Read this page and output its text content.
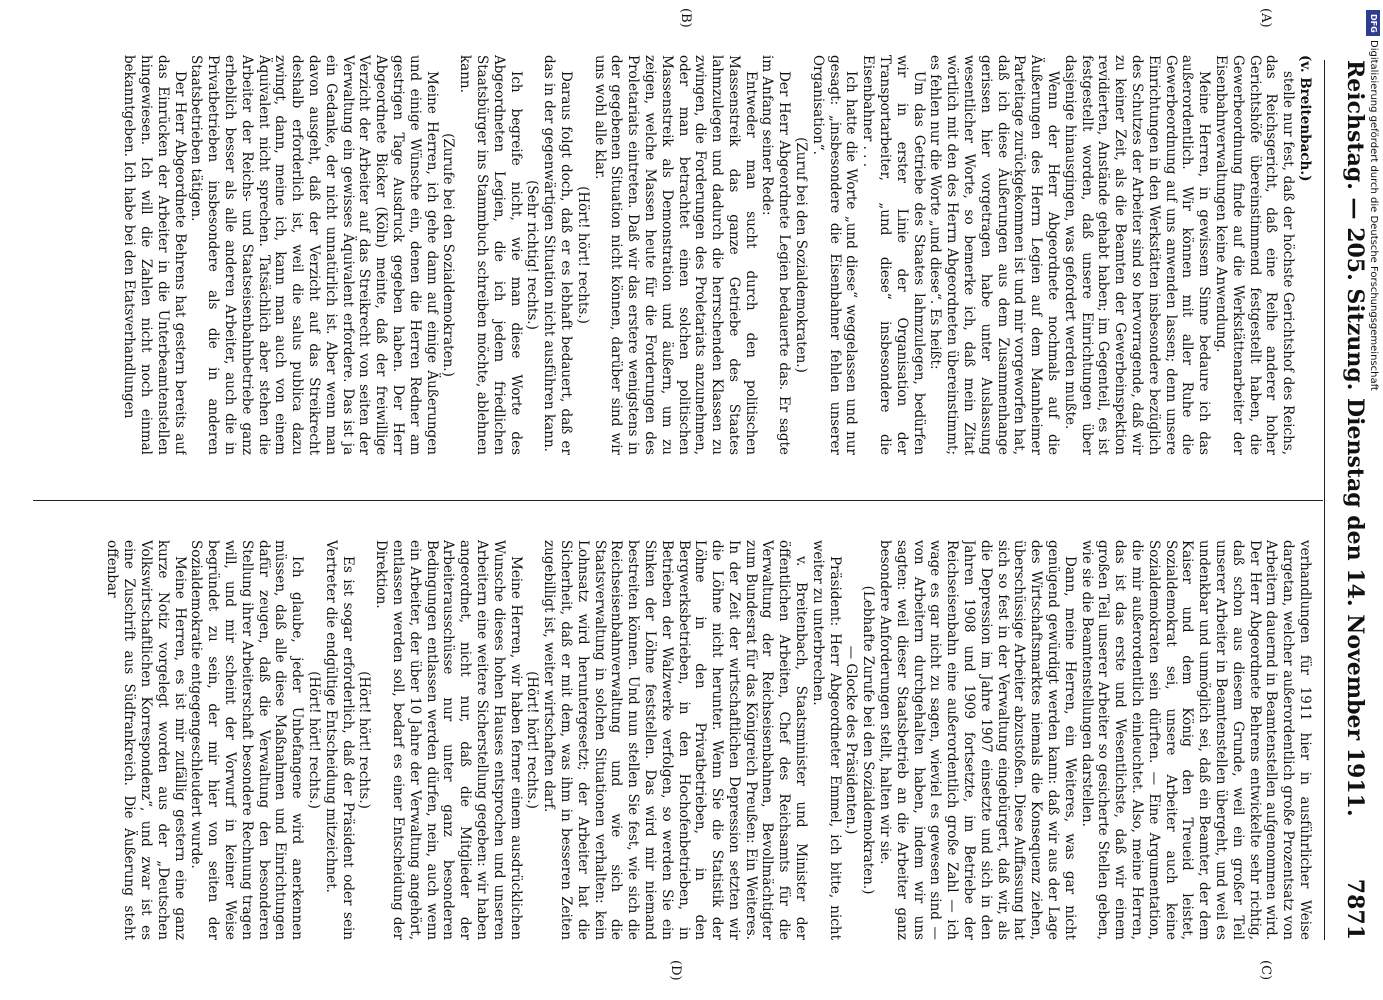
Reichstag. — 205. Sitzung. Dienstag den 14. November 1911.
7871
(A)
(B)
(C)
(D)

(v. Breitenbach.)

stelle nur fest, daß der höchste Gerichtshof des Reichs, das Reichsgericht, daß eine Reihe anderer hoher Gerichtshöfe übereinstimmend festgestellt haben, die Gewerbeordnung finde auf die Werkstättenarbeiter der Eisenbahnverwaltungen keine Anwendung.

Meine Herren, in gewissem Sinne bedaure ich das außerordentlich. Wir können mit aller Ruhe die Gewerbeordnung auf uns anwenden lassen; denn unsere Einrichtungen in den Werkstätten insbesondere bezüglich des Schutzes der Arbeiter sind so hervorragende, daß wir zu keiner Zeit, als die Beamten der Gewerbeinspektion revidierten, Anstände gehabt haben; im Gegenteil, es ist festgestellt worden, daß unsere Einrichtungen über dasjenige hinausgingen, was gefordert werden mußte.

Wenn der Herr Abgeordnete nochmals auf die Äußerungen des Herrn Legien auf dem Mannheimer Parteitage zurückgekommen ist und mir vorgeworfen hat, daß ich diese Äußerungen aus dem Zusammenhange gerissen hier vorgetragen habe unter Auslassung wesentlicher Worte, so bemerke ich, daß mein Zitat wörtlich mit den des Herrn Abgeordneten übereinstimmt; es fehlen nur die Worte „und diese“. Es heißt:

Um das Getriebe des Staates lahmzulegen, bedürfen wir in erster Linie der Organisation der Transportarbeiter, „und diese“ insbesondere die Eisenbahner . . .

Ich hatte die Worte „und diese“ weggelassen und nur gesagt: „insbesondere die Eisenbahner fehlen unserer Organisation“.

(Zuruf bei den Sozialdemokraten.)

Der Herr Abgeordnete Legien bedauerte das. Er sagte im Anfang seiner Rede:

Entweder man sucht durch den politischen Massenstreik das ganze Getriebe des Staates lahmzulegen und dadurch die herrschenden Klassen zu zwingen, die Forderungen des Proletariats anzunehmen, oder man betrachtet einen solchen politischen Massenstreik als Demonstration und äußern, um zu zeigen, welche Massen heute für die Forderungen des Proletariats eintreten. Daß wir das erstere wenigstens in der gegebenen Situation nicht können, darüber sind wir uns wohl alle klar.

(Hört! hört! rechts.)

Daraus folgt doch, daß er es lebhaft bedauert, daß er das in der gegenwärtigen Situation nicht ausführen kann.

(Sehr richtig! rechts.)

Ich begreife nicht, wie man diese Worte des Abgeordneten Legien, die ich jedem friedlichen Staatsbürger ins Stammbuch schreiben möchte, ablehnen kann.

(Zurufe bei den Sozialdemokraten.)

Meine Herren, ich gehe dann auf einige Äußerungen und einige Wünsche ein, denen die Herren Redner am gestrigen Tage Ausdruck gegeben haben. Der Herr Abgeordnete Bicker (Köln) meinte, daß der freiwillige Verzicht der Arbeiter auf das Streikrecht von seiten der Verwaltung ein gewisses Äquivalent erfordere. Das ist ja ein Gedanke, der nicht unnatürlich ist. Aber wenn man davon ausgeht, daß der Verzicht auf das Streikrecht deshalb erforderlich ist, weil die salus publica dazu zwingt, dann, meine ich, kann man auch von einem Äquivalent nicht sprechen. Tatsächlich aber stehen die Arbeiter der Reichs- und Staatseisenbahnbetriebe ganz erheblich besser als alle anderen Arbeiter, auch die in Privatbetrieben insbesondere als die in anderen Staatsbetrieben tätigen.

Der Herr Abgeordnete Behrens hat gestern bereits auf das Einrücken der Arbeiter in die Unterbeamtenstellen hingewiesen. Ich will die Zahlen nicht noch einmal bekanntgeben. Ich habe bei den Etatsverhandlungen

verhandlungen für 1911 hier in ausführlicher Weise dargetan, welcher außerordentlich große Prozentsatz von Arbeitern dauernd in Beamtenstellen aufgenommen wird. Der Herr Abgeordnete Behrens entwickelte sehr richtig, daß schon aus diesem Grunde, weil ein großer Teil unserer Arbeiter in Beamtenstellen übergeht, und weil es undenkbar und unmöglich sei, daß ein Beamter, der dem Kaiser und dem König den Treueid leistet, Sozialdemokrat sei, unsere Arbeiter auch keine Sozialdemokraten sein dürften. — Eine Argumentation, die mir außerordentlich einleuchtet. Also, meine Herren, das ist das erste und Wesentlichste, daß wir einem großen Teil unserer Arbeiter so gesicherte Stellen geben, wie sie die Beamtenstellungen darstellen.

Dann, meine Herren, ein Weiteres, was gar nicht genügend gewürdigt werden kann: daß wir aus der Lage des Wirtschaftsmarktes niemals die Konsequenz ziehen, überschüssige Arbeiter abzustoßen. Diese Auffassung hat sich so fest in der Verwaltung eingebürgert, daß wir, als die Depression im Jahre 1907 einsetzte und sich in den Jahren 1908 und 1909 fortsetzte, im Betriebe der Reichseisenbahn eine außerordentlich große Zahl — ich wage es gar nicht zu sagen, wieviel es gewesen sind — von Arbeitern durchgehalten haben, indem wir uns sagten: weil dieser Staatsbetrieb an die Arbeiter ganz besondere Anforderungen stellt, halten wir sie.

(Lebhafte Zurufe bei den Sozialdemokraten.)

— Glocke des Präsidenten.)

Präsident: Herr Abgeordneter Emmel, ich bitte, nicht weiter zu unterbrechen.

v. Breitenbach, Staatsminister und Minister der öffentlichen Arbeiten, Chef des Reichsamts für die Verwaltung der Reichseisenbahnen, Bevollmächtigter zum Bundesrat für das Königreich Preußen: Ein Weiteres. In der Zeit der wirtschaftlichen Depression setzten wir die Löhne nicht herunter. Wenn Sie die Statistik der Löhne in den Privatbetrieben, in den Bergwerksbetrieben, in den Hochofenbetrieben, in Betrieben der Walzwerke verfolgen, so werden Sie ein Sinken der Löhne feststellen. Das wird mir niemand bestreiten können. Und nun stellen Sie fest, wie sich die Reichseisenbahnverwaltung und wie sich die Staatsverwaltung in solchen Situationen verhalten: kein Lohnsatz wird heruntergesetzt; der Arbeiter hat die Sicherheit, daß er mit dem, was ihm in besseren Zeiten zugebilligt ist, weiter wirtschaften darf.

(Hört! hört! rechts.)

Meine Herren, wir haben ferner einem ausdrücklichen Wunsche dieses hohen Hauses entsprochen und unseren Arbeitern eine weitere Sicherstellung gegeben: wir haben angeordnet, nicht nur, daß die Mitglieder der Arbeiterausschüsse nur unter ganz besonderen Bedingungen entlassen werden dürfen, nein, auch wenn ein Arbeiter, der über 10 Jahre der Verwaltung angehört, entlassen werden soll, bedarf es einer Entscheidung der Direktion.

(Hört! hört! rechts.)

Es ist sogar erforderlich, daß der Präsident oder sein Vertreter die endgültige Entscheidung mitzeichnet.

(Hört! hört! rechts.)

Ich glaube, jeder Unbefangene wird anerkennen müssen, daß alle diese Maßnahmen und Einrichtungen dafür zeugen, daß die Verwaltung den besonderen Stellung ihrer Arbeiterschaft besondere Rechnung tragen will, und mir scheint der Vorwurf in keiner Weise begründet zu sein, der mir hier von seiten der Sozialdemokratie entgegengeschleudert wurde.

Meine Herren, es ist mir zufällig gestern eine ganz kurze Notiz vorgelegt worden aus der „Deutschen Volkswirtschaftlichen Korrespondenz“, und zwar ist es eine Zuschrift aus Südfrankreich. Die Äußerung steht offenbar

DFG
Digitalisierung gefördert durch die Deutsche Forschungsgemeinschaft
